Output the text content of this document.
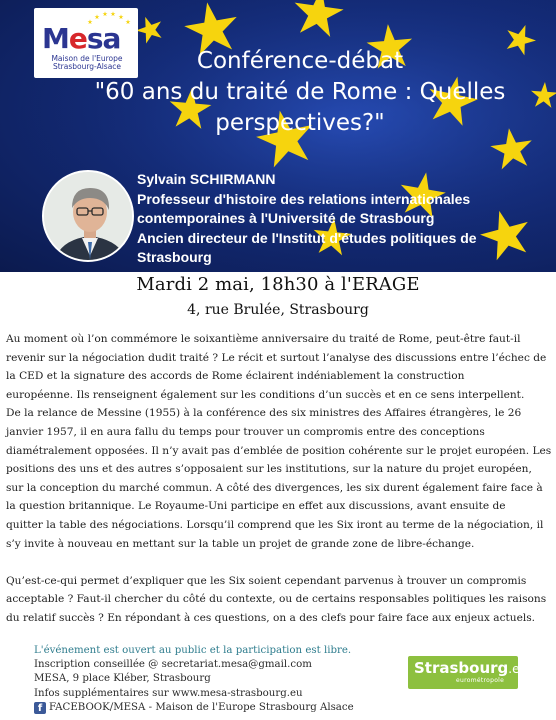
Mesa
Maison de l'Europe
Strasbourg-Alsace	Conférence-débat
"60 ans du traité de Rome : Quelles
perspectives?"
Sylvain SCHIRMANN
Professeur d'histoire des relations internationales
contemporaines à l'Université de Strasbourg
Ancien directeur de l'Institut d'études politiques de
Strasbourg
Mardi 2 mai, 18h30 à l'ERAGE
4, rue Brulée, Strasbourg
Au moment où l’on commémore le soixantième anniversaire du traité de Rome, peut-être faut-il
revenir sur la négociation dudit traité ? Le récit et surtout l’analyse des discussions entre l’échec de
la CED et la signature des accords de Rome éclairent indéniablement la construction
européenne. Ils renseignent également sur les conditions d’un succès et en ce sens interpellent.
De la relance de Messine (1955) à la conférence des six ministres des Affaires étrangères, le 26
janvier 1957, il en aura fallu du temps pour trouver un compromis entre des conceptions
diamétralement opposées. Il n’y avait pas d’emblée de position cohérente sur le projet européen. Les
positions des uns et des autres s’opposaient sur les institutions, sur la nature du projet européen,
sur la conception du marché commun. A côté des divergences, les six durent également faire face à
la question britannique. Le Royaume-Uni participe en effet aux discussions, avant ensuite de
quitter la table des négociations. Lorsqu’il comprend que les Six iront au terme de la négociation, il
s’y invite à nouveau en mettant sur la table un projet de grande zone de libre-échange.
Qu’est-ce-qui permet d’expliquer que les Six soient cependant parvenus à trouver un compromis
acceptable ? Faut-il chercher du côté du contexte, ou de certains responsables politiques les raisons
du relatif succès ? En répondant à ces questions, on a des clefs pour faire face aux enjeux actuels.
L'événement est ouvert au public et la participation est libre.
Inscription conseillée @ secretariat.mesa@gmail.com
MESA, 9 place Kléber, Strasbourg
Infos supplémentaires sur www.mesa-strasbourg.eu
f FACEBOOK/MESA - Maison de l'Europe Strasbourg Alsace
Strasbourg.eu
eurométropole
